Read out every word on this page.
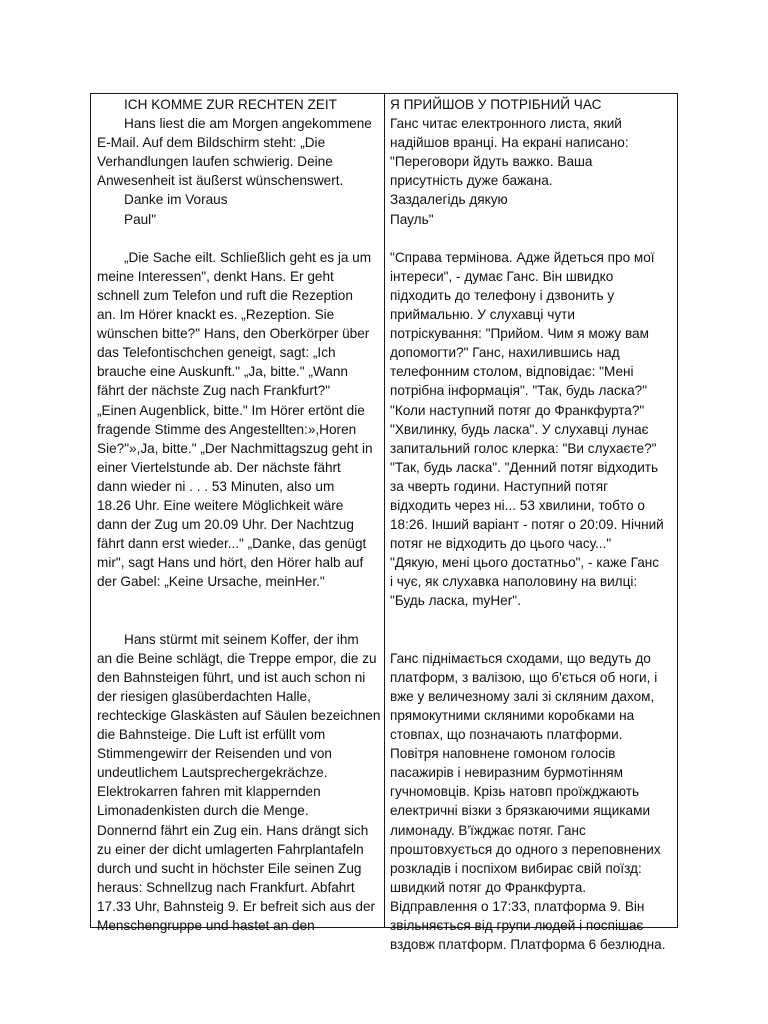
ICH KOMME ZUR RECHTEN ZEIT
Hans liest die am Morgen angekommene
E-Mail. Auf dem Bildschirm steht: „Die
Verhandlungen laufen schwierig. Deine
Anwesenheit ist äußerst wünschenswert.
Danke im Voraus
Paul"
„Die Sache eilt. Schließlich geht es ja um
meine Interessen", denkt Hans. Er geht
schnell zum Telefon und ruft die Rezeption
an. Im Hörer knackt es. „Rezeption. Sie
wünschen bitte?" Hans, den Oberkörper über
das Telefontischchen geneigt, sagt: „Ich
brauche eine Auskunft." „Ja, bitte." „Wann
fährt der nächste Zug nach Frankfurt?"
„Einen Augenblick, bitte." Im Hörer ertönt die
fragende Stimme des Angestellten:»,Horen
Sie?"»,Ja, bitte." „Der Nachmittagszug geht in
einer Viertelstunde ab. Der nächste fährt
dann wieder ni . . . 53 Minuten, also um
18.26 Uhr. Eine weitere Möglichkeit wäre
dann der Zug um 20.09 Uhr. Der Nachtzug
fährt dann erst wieder..." „Danke, das genügt
mir", sagt Hans und hört, den Hörer halb auf
der Gabel: „Keine Ursache, meinHer."
Hans stürmt mit seinem Koffer, der ihm
an die Beine schlägt, die Treppe empor, die zu
den Bahnsteigen führt, und ist auch schon ni
der riesigen glasüberdachten Halle,
rechteckige Glaskästen auf Säulen bezeichnen
die Bahnsteige. Die Luft ist erfüllt vom
Stimmengewirr der Reisenden und von
undeutlichem Lautsprechergekrächze.
Elektrokarren fahren mit klappernden
Limonadenkisten durch die Menge.
Donnernd fährt ein Zug ein. Hans drängt sich
zu einer der dicht umlagerten Fahrplantafeln
durch und sucht in höchster Eile seinen Zug
heraus: Schnellzug nach Frankfurt. Abfahrt
17.33 Uhr, Bahnsteig 9. Er befreit sich aus der
Menschengruppe und hastet an den
Я ПРИЙШОВ У ПОТРІБНИЙ ЧАС
Ганс читає електронного листа, який
надійшов вранці. На екрані написано:
"Переговори йдуть важко. Ваша
присутність дуже бажана.
Заздалегідь дякую
Пауль"
"Справа термінова. Адже йдеться про мої
інтереси", - думає Ганс. Він швидко
підходить до телефону і дзвонить у
приймальню. У слухавці чути
потріскування: "Прийом. Чим я можу вам
допомогти?" Ганс, нахилившись над
телефонним столом, відповідає: "Мені
потрібна інформація". "Так, будь ласка?"
"Коли наступний потяг до Франкфурта?"
"Хвилинку, будь ласка". У слухавці лунає
запитальний голос клерка: "Ви слухаєте?"
"Так, будь ласка". "Денний потяг відходить
за чверть години. Наступний потяг
відходить через ні... 53 хвилини, тобто о
18:26. Інший варіант - потяг о 20:09. Нічний
потяг не відходить до цього часу..."
"Дякую, мені цього достатньо", - каже Ганс
і чує, як слухавка наполовину на вилці:
"Будь ласка, myHer".
Ганс піднімається сходами, що ведуть до
платформ, з валізою, що б'ється об ноги, і
вже у величезному залі зі скляним дахом,
прямокутними скляними коробками на
стовпах, що позначають платформи.
Повітря наповнене гомоном голосів
пасажирів і невиразним бурмотінням
гучномовців. Крізь натовп проїжджають
електричні візки з брязкаючими ящиками
лимонаду. В'їжджає потяг. Ганс
проштовхується до одного з переповнених
розкладів і поспіхом вибирає свій поїзд:
швидкий потяг до Франкфурта.
Відправлення о 17:33, платформа 9. Він
звільняється від групи людей і поспішає
вздовж платформ. Платформа 6 безлюдна.
